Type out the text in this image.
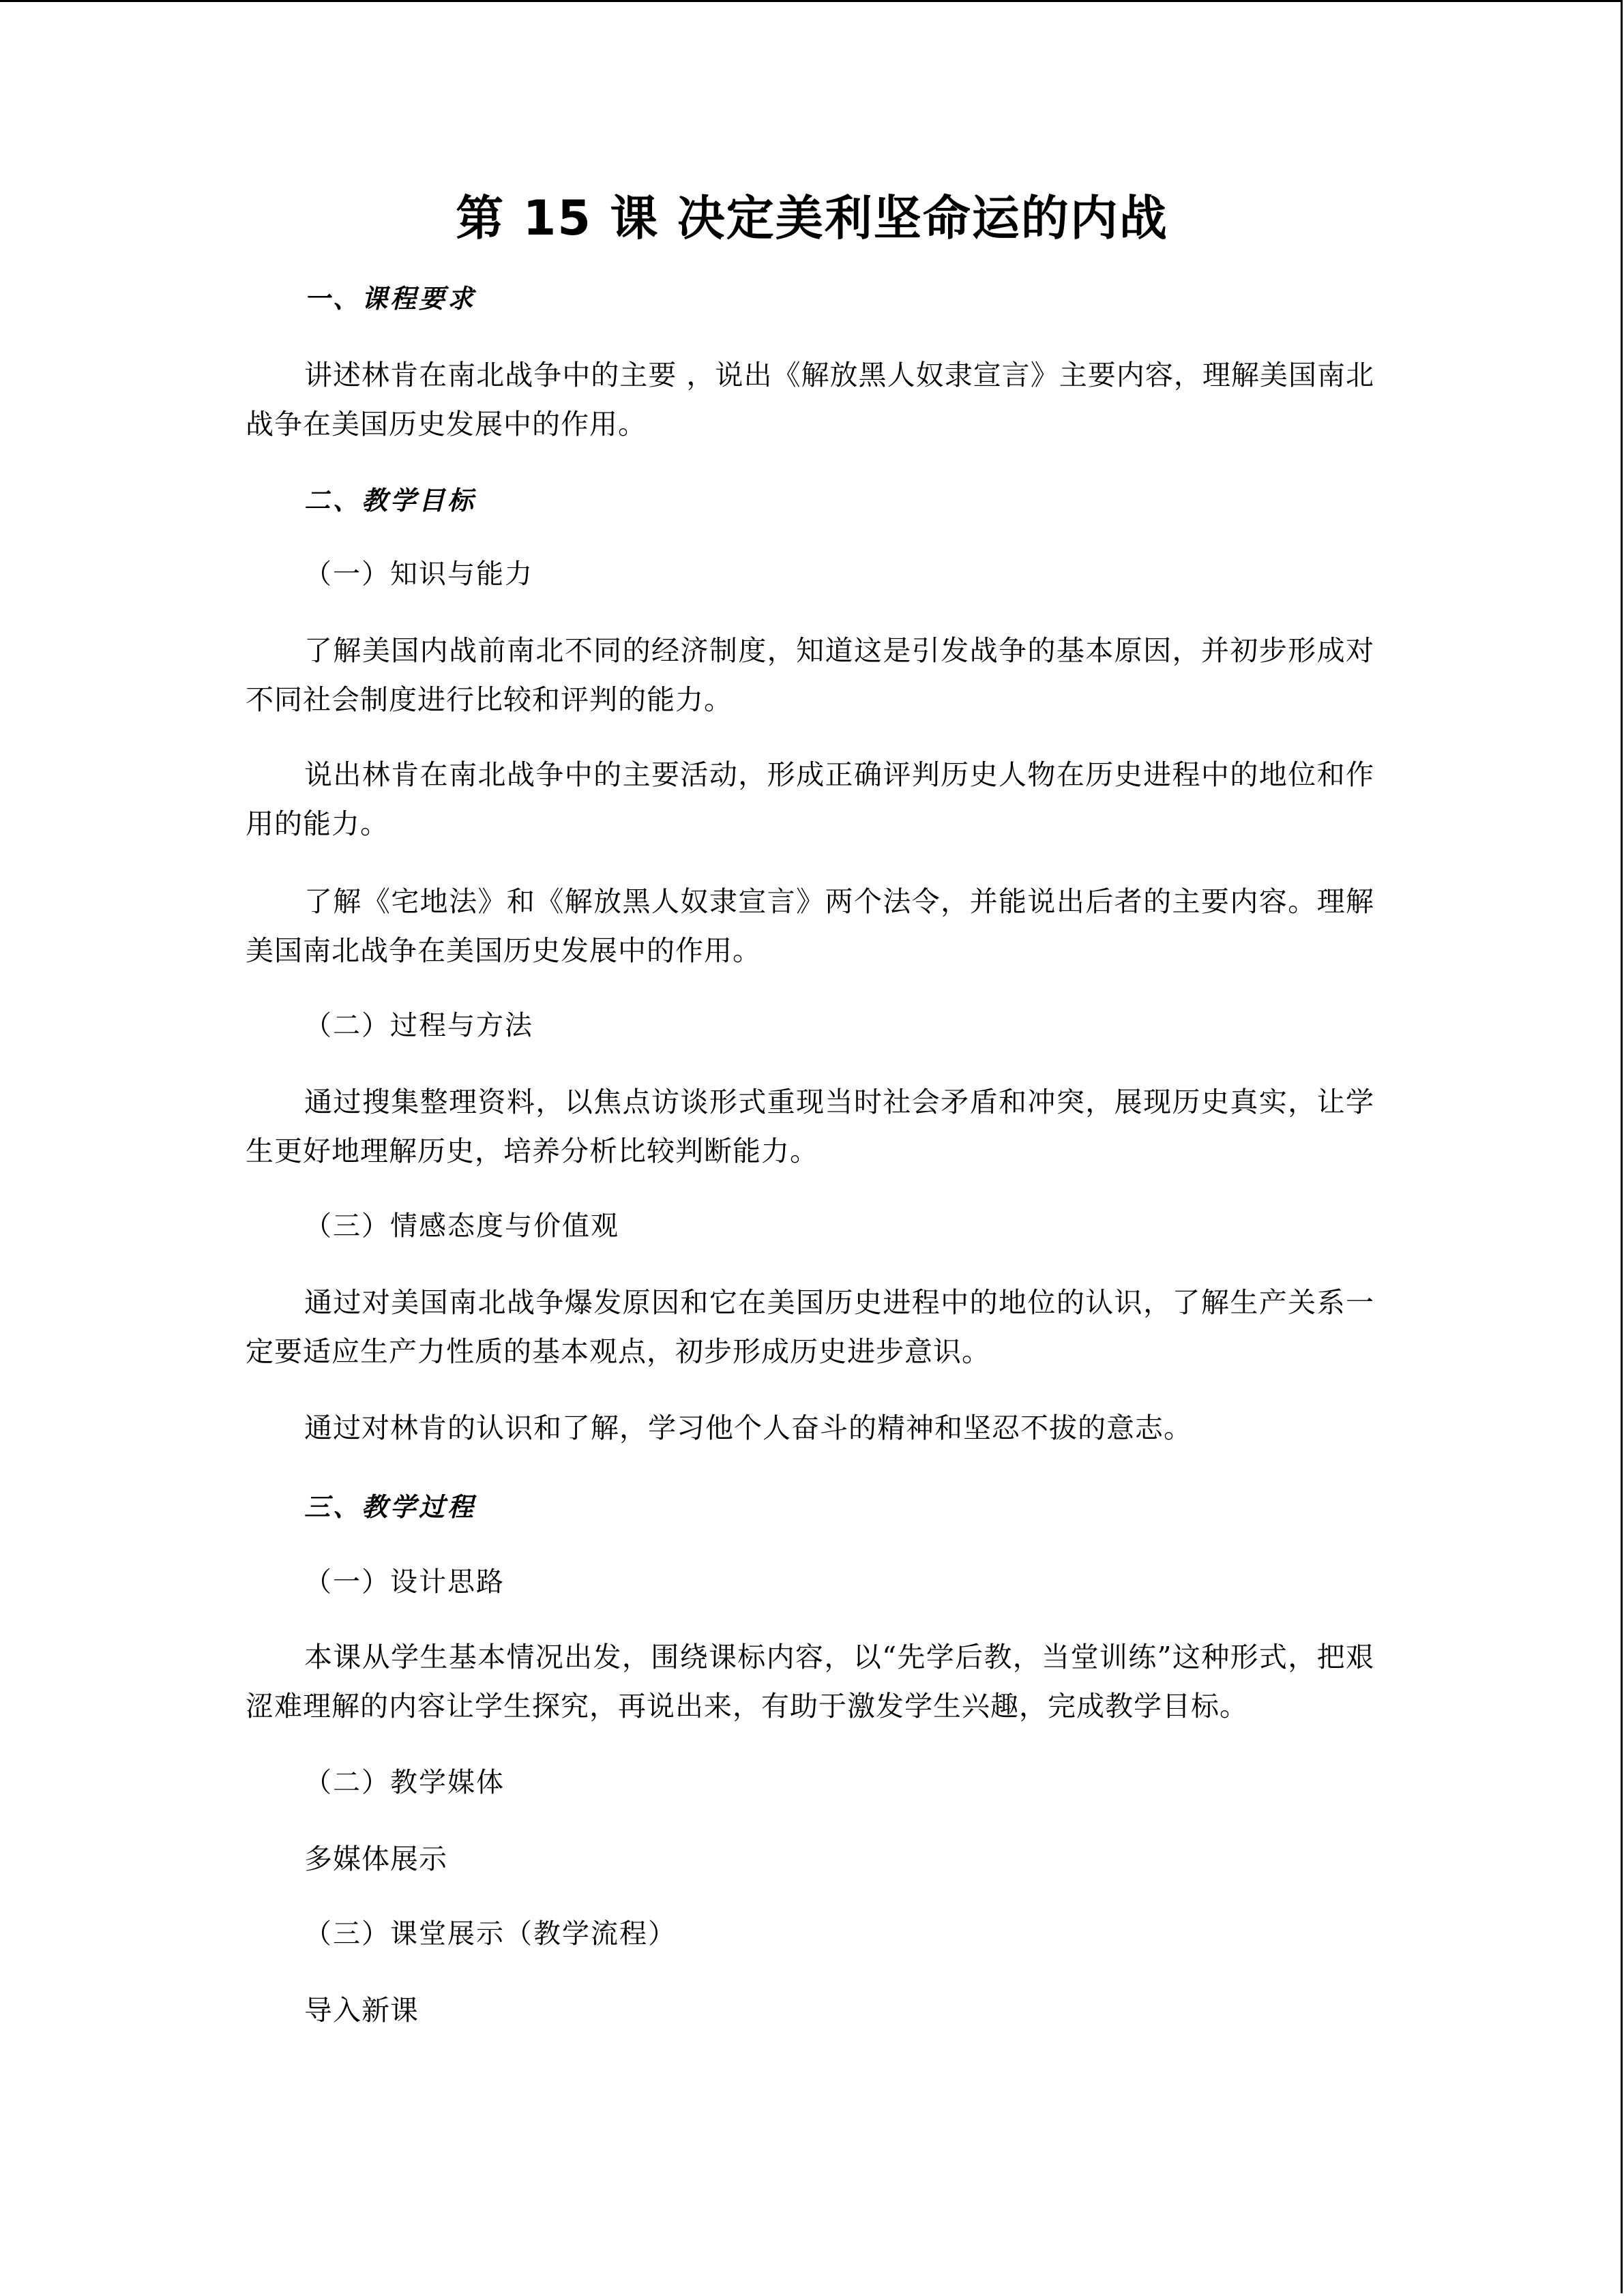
第 15 课 决定美利坚命运的内战
一、课程要求

讲述林肯在南北战争中的主要 ，说出《解放黑人奴隶宣言》主要内容，理解美国南北战争在美国历史发展中的作用。

二、教学目标
（一）知识与能力

了解美国内战前南北不同的经济制度，知道这是引发战争的基本原因，并初步形成对不同社会制度进行比较和评判的能力。

说出林肯在南北战争中的主要活动，形成正确评判历史人物在历史进程中的地位和作用的能力。

了解《宅地法》和《解放黑人奴隶宣言》两个法令，并能说出后者的主要内容。理解美国南北战争在美国历史发展中的作用。

（二）过程与方法

通过搜集整理资料，以焦点访谈形式重现当时社会矛盾和冲突，展现历史真实，让学生更好地理解历史，培养分析比较判断能力。

（三）情感态度与价值观

通过对美国南北战争爆发原因和它在美国历史进程中的地位的认识，了解生产关系一定要适应生产力性质的基本观点，初步形成历史进步意识。

通过对林肯的认识和了解，学习他个人奋斗的精神和坚忍不拔的意志。
三、教学过程
（一）设计思路

本课从学生基本情况出发，围绕课标内容，以“先学后教，当堂训练”这种形式，把艰涩难理解的内容让学生探究，再说出来，有助于激发学生兴趣，完成教学目标。

（二）教学媒体
多媒体展示
（三）课堂展示（教学流程）
导入新课
